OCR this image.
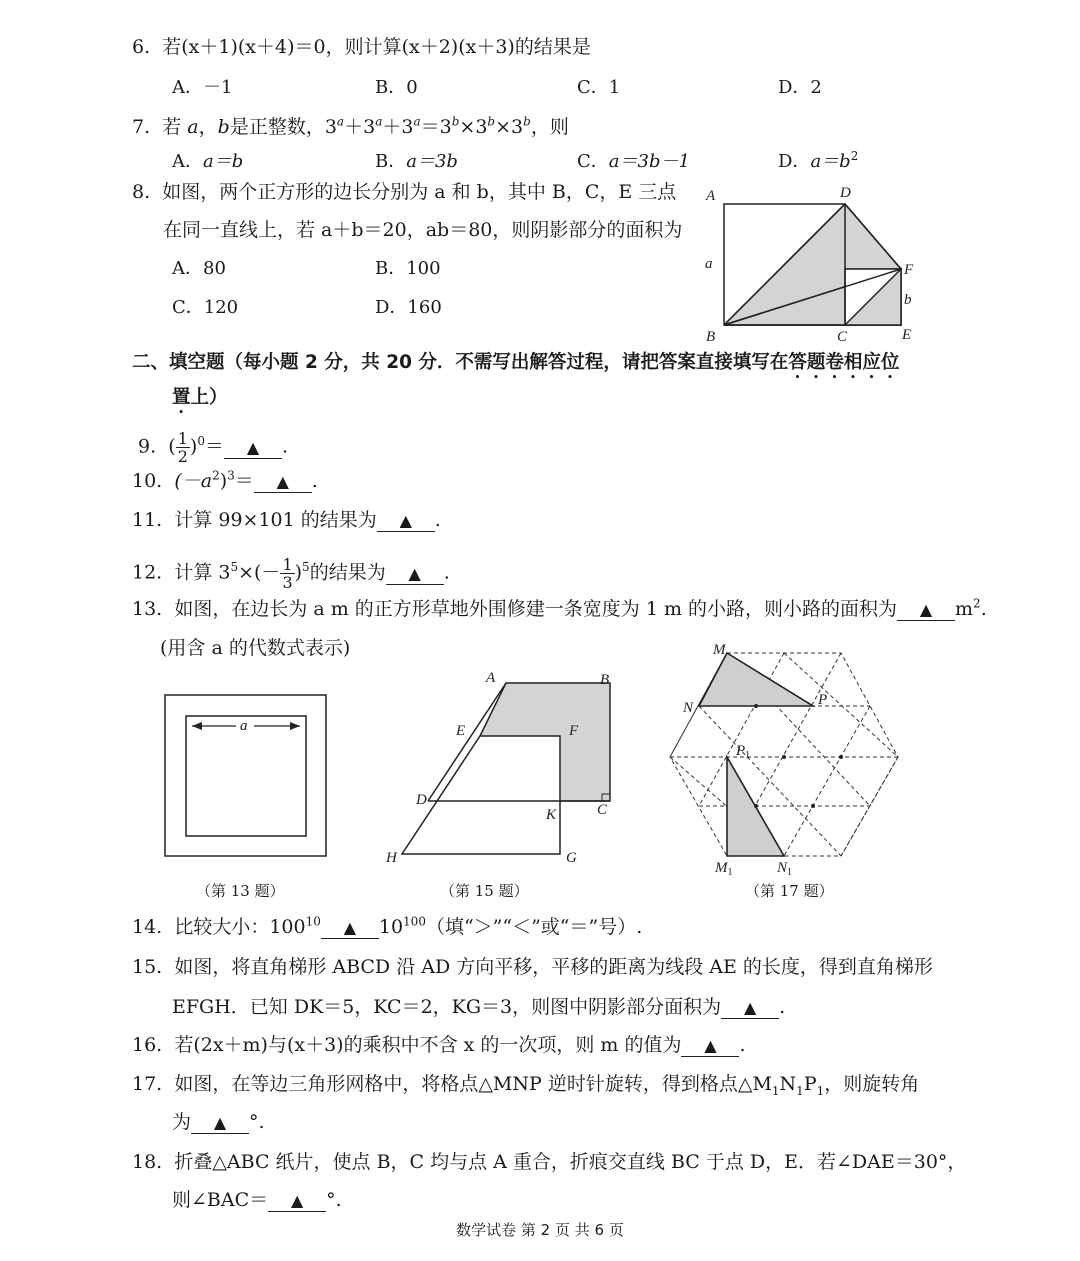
6. 若(x＋1)(x＋4)＝0，则计算(x＋2)(x＋3)的结果是
A．－1	B．0	C．1	D．2
7. 若 a，b是正整数，$3^a+3^a+3^a=3^b\times 3^b\times 3^b$，则
A．a＝b	B．a＝3b	C．a＝3b－1	D．$a=b^2$
8. 如图，两个正方形的边长分别为 a 和 b，其中 B，C，E 三点
在同一直线上，若 a＋b＝20，ab＝80，则阴影部分的面积为
A．80	B．100
C．120	D．160
A	D
a	F
b
B	C	E
二、填空题（每小题 2 分，共 20 分．不需写出解答过程，请把答案直接填写在答题卷相应位
置上）
9. ( $\frac{1}{2} )^0=$ ▲ .
10. $(-a^2)^3=$ ▲ .
11. 计算 99×101 的结果为 ▲ .
12. 计算 $3^5\times(- \frac{1}{3} )^5$的结果为 ▲ .
13. 如图，在边长为 a m 的正方形草地外围修建一条宽度为 1 m 的小路，则小路的面积为 ▲ $m^2$.
(用含 a 的代数式表示)
a
A	B
E	F
D
K	C
H	G
M
N	P
$P_1$
$M_1$	$N_1$
（第 13 题）	（第 15 题）	（第 17 题）
14. 比较大小：$100^{10}$ ▲ $10^{100}$（填“＞”“＜”或“＝”号）.
15. 如图，将直角梯形 ABCD 沿 AD 方向平移，平移的距离为线段 AE 的长度，得到直角梯形
EFGH．已知 DK＝5，KC＝2，KG＝3，则图中阴影部分面积为 ▲ .
16. 若(2x＋m)与(x＋3)的乘积中不含 x 的一次项，则 m 的值为 ▲ .
17. 如图，在等边三角形网格中，将格点△MNP 逆时针旋转，得到格点$\triangle M_1N_1P_1$，则旋转角
为 ▲ °.
18. 折叠△ABC 纸片，使点 B，C 均与点 A 重合，折痕交直线 BC 于点 D，E．若∠DAE＝30°，
则∠BAC＝ ▲ °.
数学试卷 第 2 页 共 6 页
